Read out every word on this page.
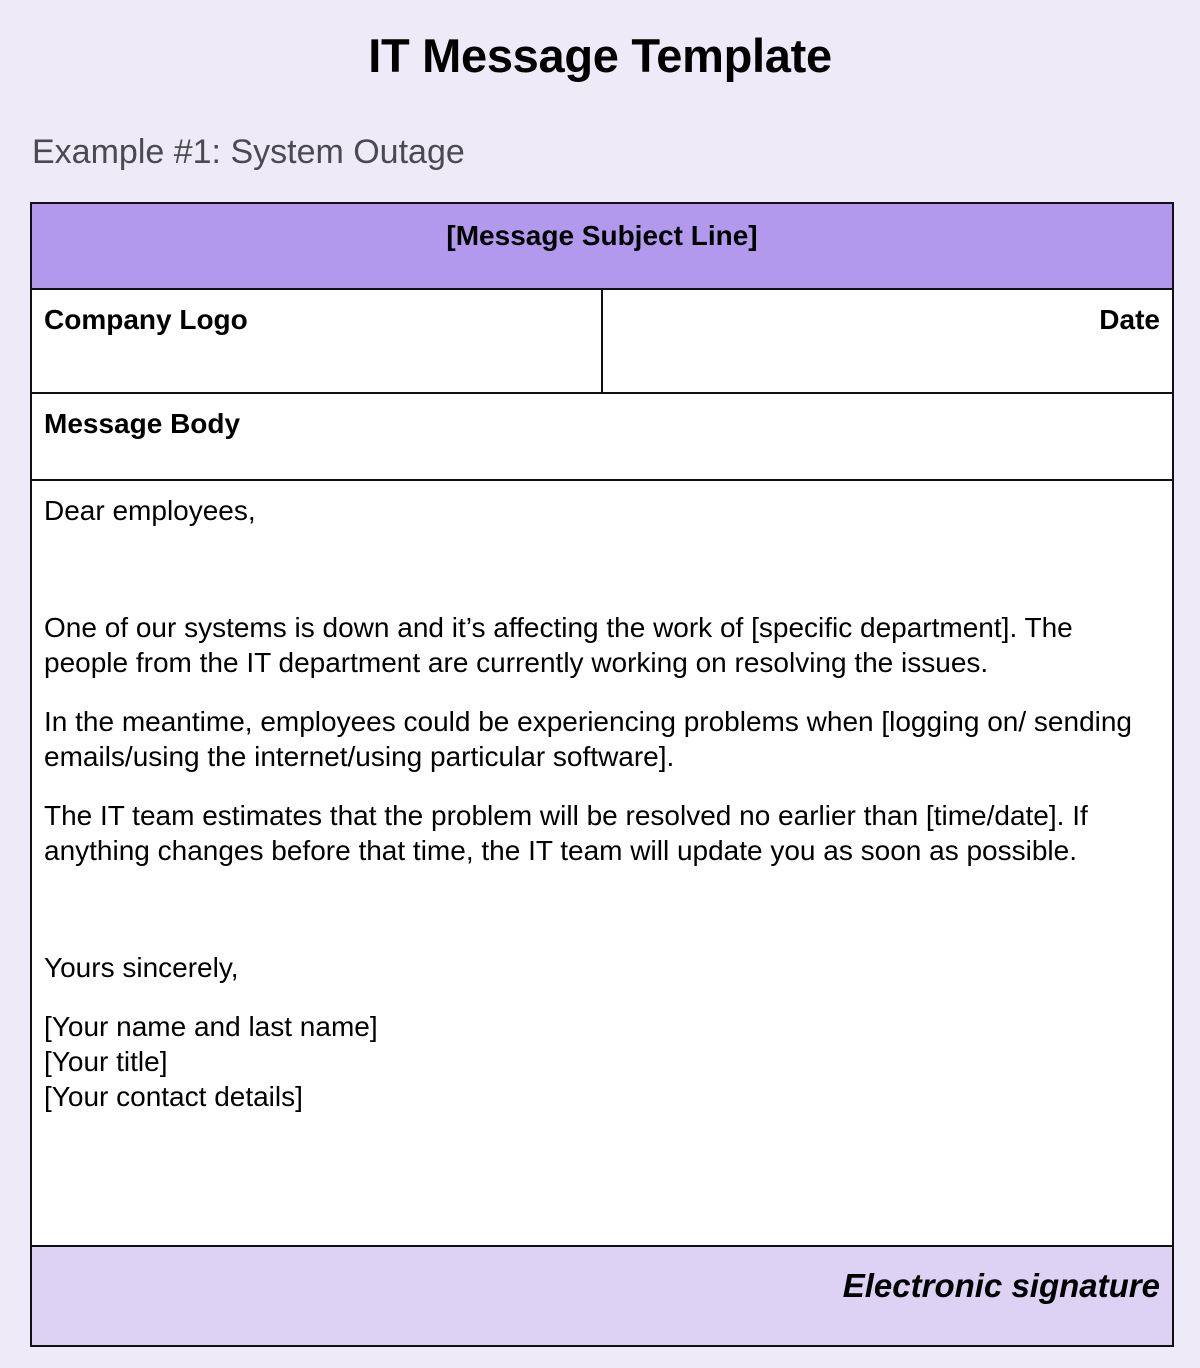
IT Message Template
Example #1: System Outage
[Message Subject Line]
Company Logo	Date
Message Body

Dear employees,

One of our systems is down and it’s affecting the work of [specific department]. The people from the IT department are currently working on resolving the issues.

In the meantime, employees could be experiencing problems when [logging on/ sending emails/using the internet/using particular software].

The IT team estimates that the problem will be resolved no earlier than [time/date]. If anything changes before that time, the IT team will update you as soon as possible.

Yours sincerely,

[Your name and last name]
[Your title]
[Your contact details]

Electronic signature
